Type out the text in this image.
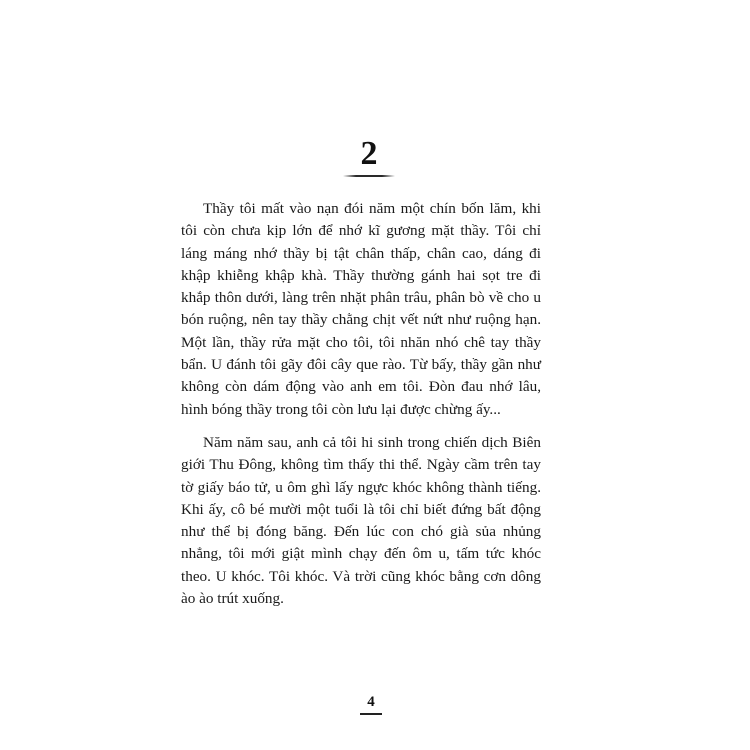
2

Thầy tôi mất vào nạn đói năm một chín bốn lăm, khi tôi còn chưa kịp lớn để nhớ kĩ gương mặt thầy. Tôi chỉ láng máng nhớ thầy bị tật chân thấp, chân cao, dáng đi khập khiễng khập khà. Thầy thường gánh hai sọt tre đi khắp thôn dưới, làng trên nhặt phân trâu, phân bò về cho u bón ruộng, nên tay thầy chằng chịt vết nứt như ruộng hạn. Một lần, thầy rửa mặt cho tôi, tôi nhăn nhó chê tay thầy bẩn. U đánh tôi gãy đôi cây que rào. Từ bấy, thầy gần như không còn dám động vào anh em tôi. Đòn đau nhớ lâu, hình bóng thầy trong tôi còn lưu lại được chừng ấy...

Năm năm sau, anh cả tôi hi sinh trong chiến dịch Biên giới Thu Đông, không tìm thấy thi thể. Ngày cầm trên tay tờ giấy báo tử, u ôm ghì lấy ngực khóc không thành tiếng. Khi ấy, cô bé mười một tuổi là tôi chỉ biết đứng bất động như thể bị đóng băng. Đến lúc con chó già sủa nhủng nhẳng, tôi mới giật mình chạy đến ôm u, tấm tức khóc theo. U khóc. Tôi khóc. Và trời cũng khóc bằng cơn dông ào ào trút xuống.

4
